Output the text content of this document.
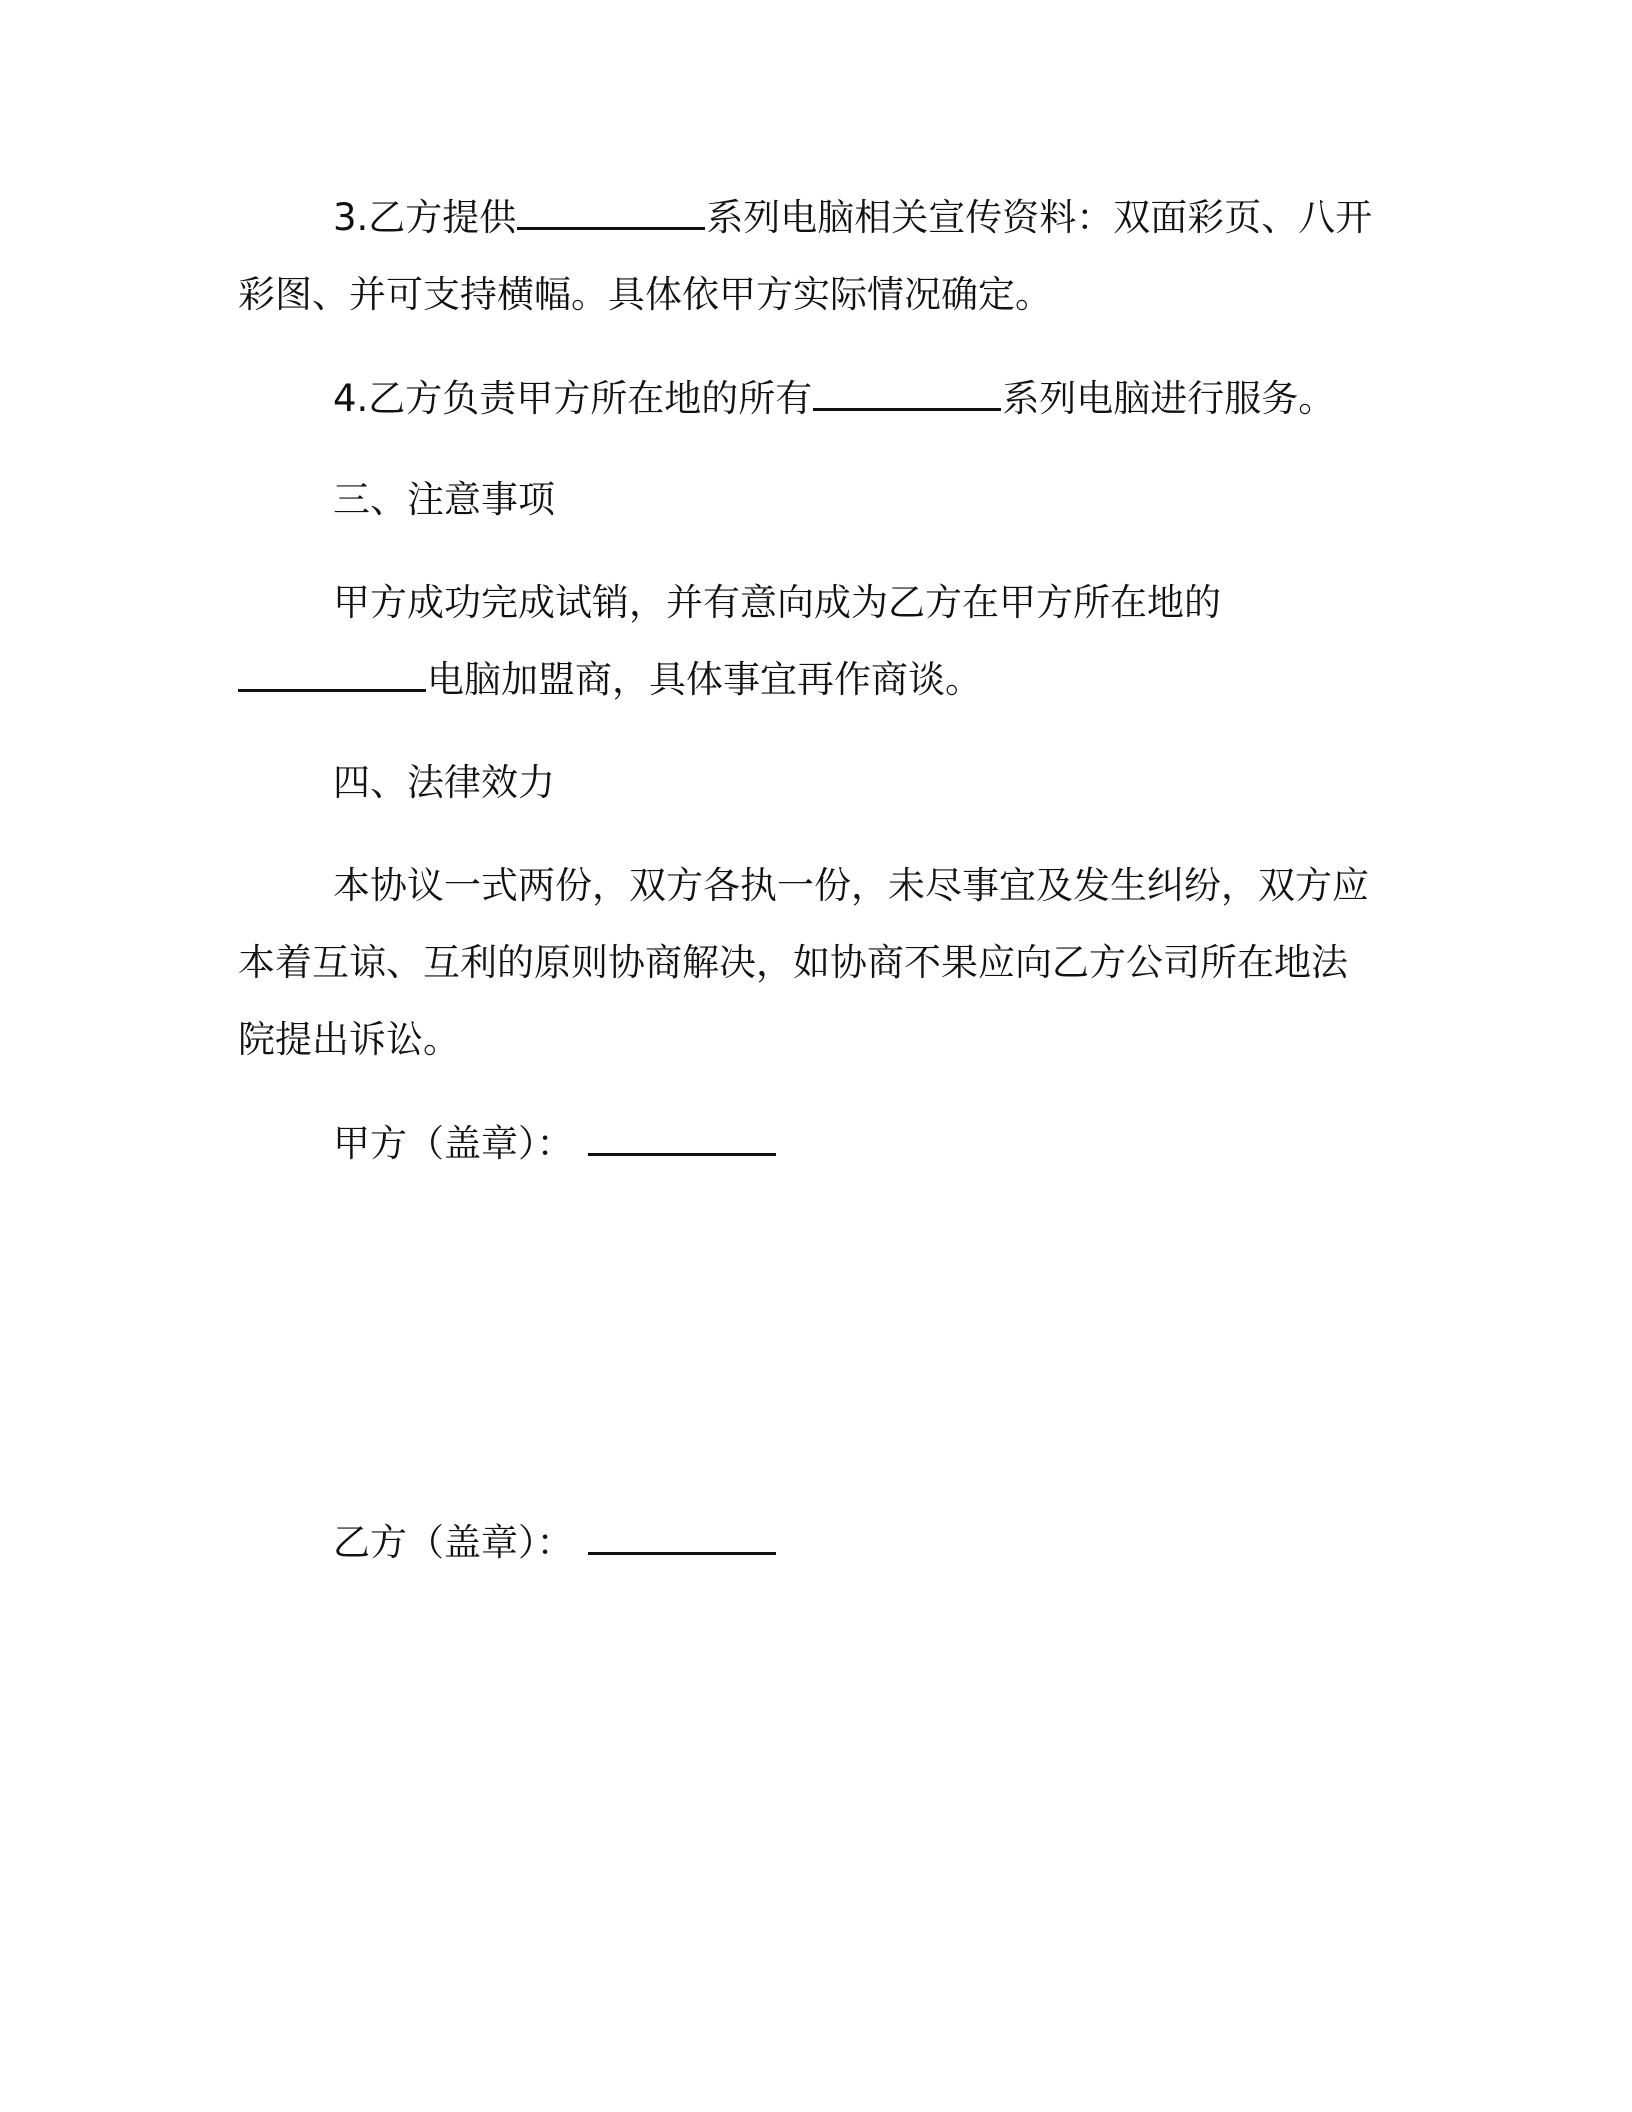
3.乙方提供	系列电脑相关宣传资料：双面彩页、八开
彩图、并可支持横幅。具体依甲方实际情况确定。
4.乙方负责甲方所在地的所有	系列电脑进行服务。
三、注意事项
甲方成功完成试销，并有意向成为乙方在甲方所在地的
电脑加盟商，具体事宜再作商谈。
四、法律效力
本协议一式两份，双方各执一份，未尽事宜及发生纠纷，双方应
本着互谅、互利的原则协商解决，如协商不果应向乙方公司所在地法
院提出诉讼。
甲方（盖章）：
乙方（盖章）：
